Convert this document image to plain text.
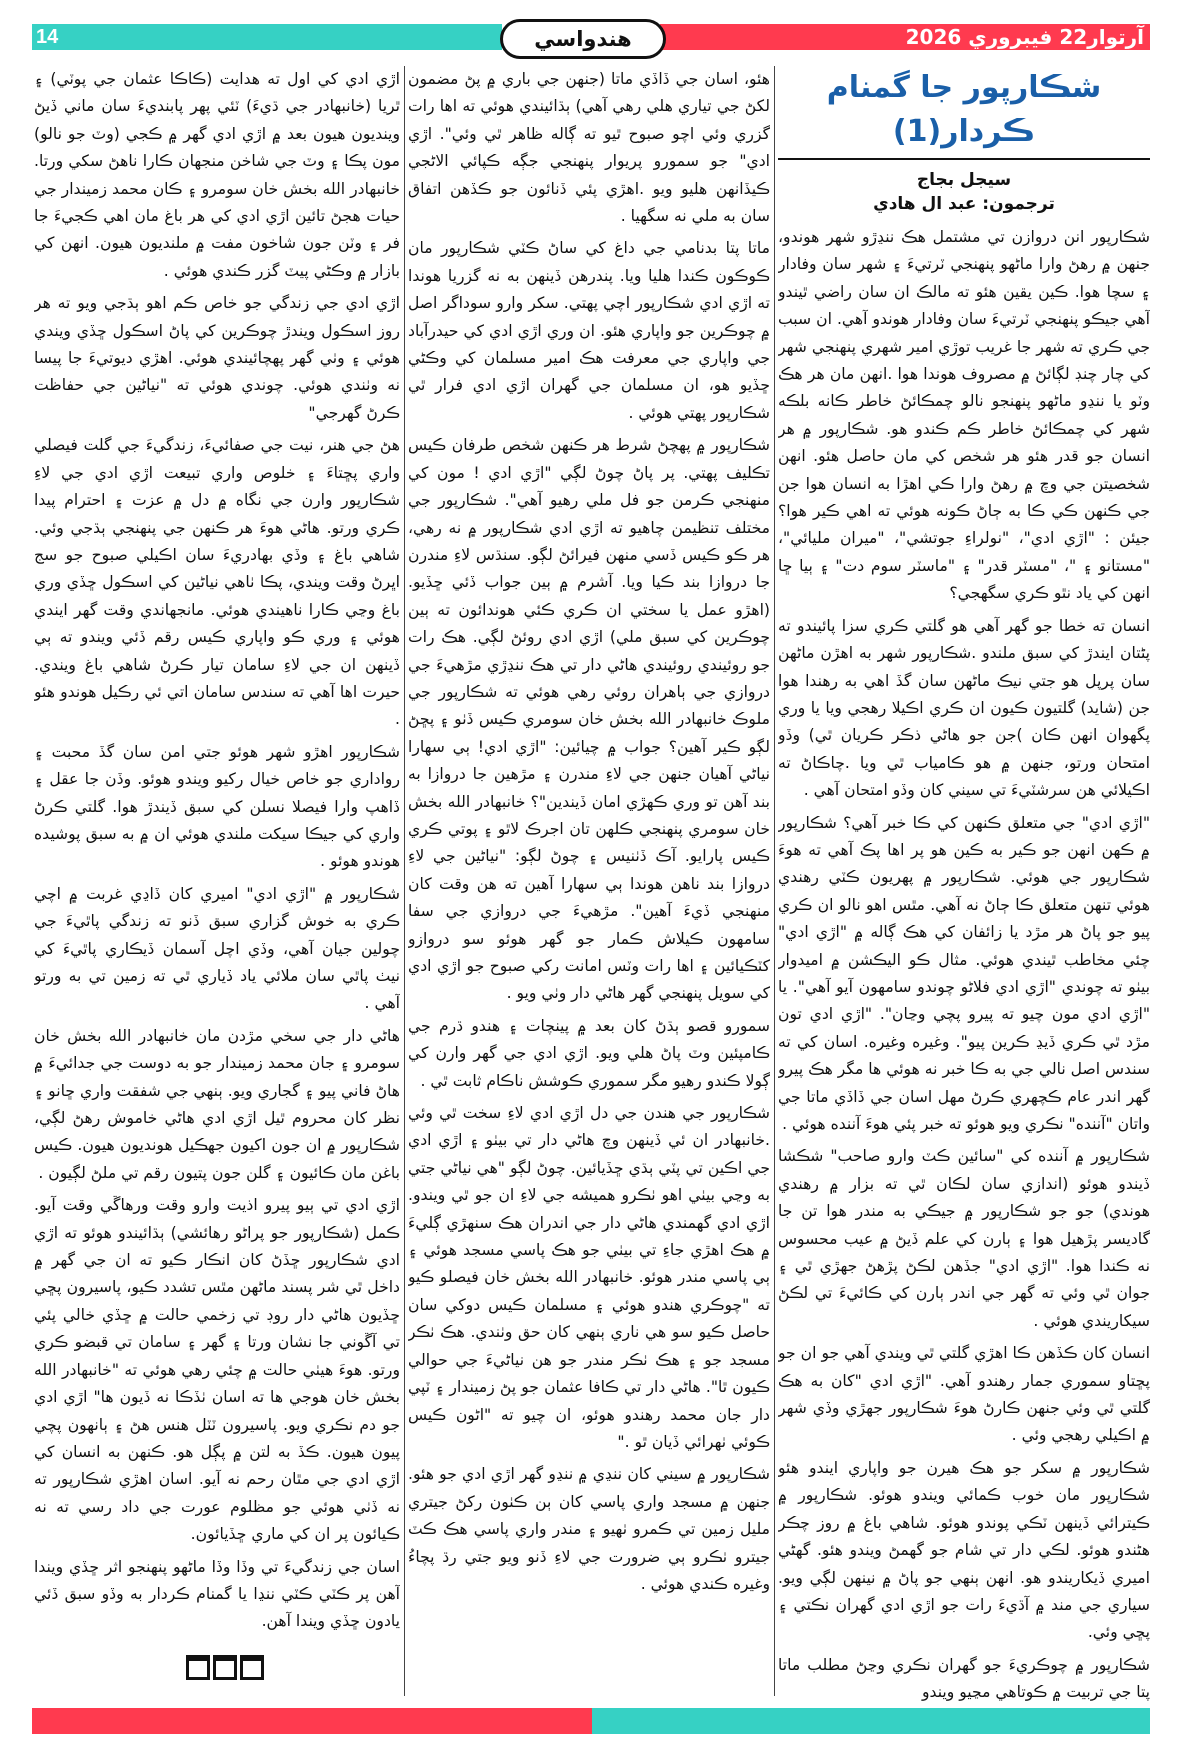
14	هندواسي	آرتوار22 فيبروري 2026
شڪارپور جا گمنام ڪردار(1)
سيجل بجاج
ترجمون: عبد ال هادي

شڪارپور انن دروازن تي مشتمل هڪ ننڍڙو شهر هوندو، جنهن ۾ رهڻ وارا ماڻهو پنهنجي ٽرتيءَ ۽ شهر سان وفادار ۽ سچا هوا. ڪين يقين هئو ته مالڪ ان سان راضي ٿيندو آهي جيڪو پنهنجي ٽرتيءَ سان وفادار هوندو آهي. ان سبب جي ڪري ته شهر جا غريب توڙي امير شهري پنهنجي شهر کي چار چنڊ لڳائڻ ۾ مصروف هوندا هوا .انهن مان هر هڪ وٽو يا ننڍو ماڻهو پنهنجو نالو چمڪائڻ خاطر ڪانه بلڪه شهر کي چمڪائڻ خاطر ڪم ڪندو هو. شڪارپور ۾ هر انسان جو قدر هئو هر شخص کي مان حاصل هئو. انهن شخصيتن جي وچ ۾ رهڻ وارا ڪي اهڙا به انسان هوا جن جي ڪنهن ڪي ڪا به ڄاڻ ڪونه هوئي ته اهي ڪير هوا؟ جيئن : "اڙي ادي"، "نولراءِ جوتشي"، "ميران مليائي"، "مستانو ۽ "، "مسٽر قدر" ۽ "ماسٽر سوم دت" ۽ ٻيا ڇا انهن کي ياد نٿو ڪري سگهجي؟

انسان ته خطا جو گهر آهي هو گلتي ڪري سزا پائيندو ته پڻتان ايندڙ کي سبق ملندو .شڪارپور شهر به اهڙن ماڻهن سان پرپل هو جتي نيڪ ماڻهن سان گڏ اهي به رهندا هوا جن (شايد) گلتيون ڪيون ان ڪري اڪيلا رهجي ويا يا وري پگهوان انهن ڪان )جن جو هاڻي ذڪر ڪريان ٿي) وڏو امتحان ورتو، جنهن ۾ هو ڪامياب ٿي ويا .چاڪاڻ ته اڪيلائي هن سرشٽيءَ تي سيني کان وڏو امتحان آهي .

"اڙي ادي" جي متعلق ڪنهن کي ڪا خبر آهي؟ شڪارپور ۾ ڪهن انهن جو ڪير به ڪين هو پر اها پڪ آهي ته هوءَ شڪارپور جي هوئي. شڪارپور ۾ پهريون ڪٽي رهندي هوئي تنهن متعلق ڪا ڄاڻ نه آهي. مٿس اهو نالو ان ڪري پيو جو پاڻ هر مڙد يا زائفان کي هڪ ڳاله ۾ "اڙي ادي" چئي مخاطب ٿيندي هوئي. مثال ڪو اليڪشن ۾ اميدوار بيٺو ته چوندي "اڙي ادي فلاڻو چوندو سامهون آيو آهي". يا "اڙي ادي مون چيو ته پيرو پچي وڃان". "اڙي ادي تون مڙد ٿي ڪري ڏيڍ ڪرين پيو". وغيره وغيره. اسان کي ته سندس اصل نالي جي به ڪا خبر نه هوئي ها مگر هڪ پيرو گهر اندر عام ڪچهري ڪرڻ مهل اسان جي ڏاڏي ماتا جي واتان "آننده" نڪري ويو هوئو ته خبر پئي هوءَ آننده هوئي .

شڪارپور ۾ آننده کي "سائين ڪٽ وارو صاحب" شڪشا ڏيندو هوئو (اندازي سان لڪان ٿي ته بزار ۾ رهندي هوندي) جو جو شڪارپور ۾ جيڪي به مندر هوا تن جا گاديسر پڙهيل هوا ۽ ٻارن کي علم ڏيڻ ۾ عيب محسوس نه ڪندا هوا. "اڙي ادي" جڏهن لڪڻ پڙهڻ جهڙي ٿي ۽ جوان ٿي وئي ته گهر جي اندر ٻارن کي ڪائيءَ تي لڪڻ سيکاريندي هوئي .

انسان کان ڪڏهن ڪا اهڙي گلتي ٿي ويندي آهي جو ان جو پڇتاو سموري جمار رهندو آهي. "اڙي ادي "کان به هڪ گلتي ٿي وئي جنهن ڪارڻ هوءَ شڪارپور جهڙي وڏي شهر ۾ اڪيلي رهجي وئي .

شڪارپور ۾ سکر جو هڪ هيرن جو واپاري ايندو هئو شڪارپور مان خوب ڪمائي ويندو هوئو. شڪارپور ۾ ڪيترائي ڏينهن ٽڪي پوندو هوئو. شاهي باغ ۾ روز چڪر هڻندو هوئو. لڪي دار تي شام جو گهمڻ ويندو هئو. گهڻي اميري ڏيکاريندو هو. انهن ٻنهي جو پاڻ ۾ نينهن لڳي ويو. سياري جي مند ۾ آڌيءَ رات جو اڙي ادي گهران نڪتي ۽ پڇي وئي.

شڪارپور ۾ چوڪريءَ جو گهران نڪري وڃڻ مطلب ماتا پتا جي تربيت ۾ ڪوتاهي مڃيو ويندو

هئو، اسان جي ڏاڏي ماتا (جنهن جي باري ۾ پڻ مضمون لکڻ جي تياري هلي رهي آهي) ٻڌائيندي هوئي ته اها رات گزري وئي اچو صبوح ٿيو ته ڳاله ظاهر ٿي وئي". اڙي ادي" جو سمورو پريوار پنهنجي جڳه ڪپائي الاڻجي ڪيڏانهن هليو ويو .اهڙي پئي ڏنائون جو ڪڏهن اتفاق سان به ملي نه سگهيا .

ماتا پتا بدنامي جي داغ کي ساڻ ڪٽي شڪارپور مان ڪوڪون ڪندا هليا ويا. پندرهن ڏينهن به نه گزريا هوندا ته اڙي ادي شڪارپور اچي پهتي. سکر وارو سوداگر اصل ۾ چوڪرين جو واپاري هئو. ان وري اڙي ادي کي حيدرآباد جي واپاري جي معرفت هڪ امير مسلمان کي وڪڻي ڇڏيو هو، ان مسلمان جي گهران اڙي ادي فرار ٿي شڪارپور پهتي هوئي .

شڪارپور ۾ پهچڻ شرط هر ڪنهن شخص طرفان ڪيس تڪليف پهتي. پر پاڻ چوڻ لڳي "اڙي ادي ! مون کي منهنجي ڪرمن جو فل ملي رهيو آهي". شڪارپور جي مختلف تنظيمن چاهيو ته اڙي ادي شڪارپور ۾ نه رهي، هر ڪو ڪيس ڏسي منهن فيرائڻ لڳو. سنڌس لاءِ مندرن جا دروازا بند ڪيا ويا. آشرم ۾ ٻين جواب ڏئي ڇڏيو. (اهڙو عمل يا سختي ان ڪري ڪئي هوندائون ته ٻين چوڪرين کي سبق ملي) اڙي ادي روئڻ لڳي. هڪ رات جو روئيندي روئيندي هاڻي دار تي هڪ ننڍڙي مڙهيءَ جي دروازي جي ٻاهران روئي رهي هوئي ته شڪارپور جي ملوڪ خانبهادر الله بخش خان سومري ڪيس ڏٺو ۽ پڇڻ لڳو ڪير آهين؟ جواب ۾ چيائين: "اڙي ادي! ٻي سهارا نياڻي آهيان جنهن جي لاءِ مندرن ۽ مڙهين جا دروازا به بند آهن تو وري ڪهڙي امان ڏيندين"؟ خانبهادر الله بخش خان سومري پنهنجي ڪلهن تان اجرڪ لاٿو ۽ پوتي ڪري ڪيس پارايو. آڪ ڏٺنيس ۽ چوڻ لڳو: "نياڻين جي لاءِ دروازا بند ناهن هوندا ٻي سهارا آهين ته هن وقت کان منهنجي ڏيءَ آهين". مڙهيءَ جي دروازي جي سفا سامهون ڪيلاش ڪمار جو گهر هوئو سو دروازو کٽڪيائين ۽ اها رات وٽس امانت رکي صبوح جو اڙي ادي کي سويل پنهنجي گهر هاڻي دار وٺي ويو .

سمورو قصو ٻڌڻ کان بعد ۾ پينچات ۽ هندو ڌرم جي ڪامپئين وٽ پاڻ هلي ويو. اڙي ادي جي گهر وارن کي ڳولا ڪندو رهيو مگر سموري ڪوشش ناڪام ثابت ٿي .

شڪارپور جي هندن جي دل اڙي ادي لاءِ سخت ٿي وئي .خانبهادر ان ئي ڏينهن وچ هاڻي دار تي بيٺو ۽ اڙي ادي جي اڪين تي پٽي ٻڌي ڇڏيائين. چوڻ لڳو "هي نياڻي جتي به وڃي بيٺي اهو ٺڪرو هميشه جي لاءِ ان جو ٿي ويندو. اڙي ادي گهمندي هاڻي دار جي اندران هڪ سنهڙي ڳليءَ ۾ هڪ اهڙي جاءِ تي بيٺي جو هڪ پاسي مسجد هوئي ۽ ٻي پاسي مندر هوئو. خانبهادر الله بخش خان فيصلو ڪيو ته "چوڪري هندو هوئي ۽ مسلمان ڪيس دوکي سان حاصل ڪيو سو هي ناري ٻنهي کان حق وٺندي. هڪ ٺڪر مسجد جو ۽ هڪ ٺڪر مندر جو هن نياڻيءَ جي حوالي ڪيون ٿا". هاڻي دار تي ڪافا عثمان جو پڻ زميندار ۽ ٽپي دار جان محمد رهندو هوئو، ان چيو ته "اڻون ڪيس ڪوئي ٺهرائي ڏيان ٿو ."

شڪارپور ۾ سيني کان ننڍي ۾ ننڍو گهر اڙي ادي جو هئو. جنهن ۾ مسجد واري پاسي کان ٻن ڪٺون رکڻ جيتري مليل زمين تي ڪمرو ٺهيو ۽ مندر واري پاسي هڪ ڪٽ جيترو ٺڪرو ٻي ضرورت جي لاءِ ڏنو ويو جتي رڌ پچاءُ وغيره ڪندي هوئي .

اڙي ادي کي اول ته هدايت (ڪاڪا عثمان جي پوٽي) ۽ ٿريا (خانبهادر جي ڌيءَ) ٽئي پهر پابنديءَ سان ماني ڏيڻ وينديون هيون بعد ۾ اڙي ادي گهر ۾ ڪجي (وٽ جو نالو) مون پڪا ۽ وٽ جي شاخن منجهان ڪارا ناهڻ سکي ورتا. خانبهادر الله بخش خان سومرو ۽ ڪان محمد زميندار جي حيات هجڻ تائين اڙي ادي کي هر باغ مان اهي ڪجيءَ جا فر ۽ وٽن جون شاخون مفت ۾ ملنديون هيون. انهن کي بازار ۾ وڪڻي پيٽ گزر ڪندي هوئي .

اڙي ادي جي زندگي جو خاص ڪم اهو ٻڌجي ويو ته هر روز اسڪول ويندڙ چوڪرين کي پاڻ اسڪول ڇڏي ويندي هوئي ۽ وٺي گهر پهچائيندي هوئي. اهڙي ديوتيءَ جا پيسا نه وٺندي هوئي. چوندي هوئي ته "نياڻين جي حفاظت ڪرڻ گهرجي"

هڻ جي هنر، نيت جي صفائيءَ، زندگيءَ جي گلت فيصلي واري پڇتاءَ ۽ خلوص واري تبيعت اڙي ادي جي لاءِ شڪارپور وارن جي نگاه ۾ دل ۾ عزت ۽ احترام پيدا ڪري ورتو. هاڻي هوءَ هر ڪنهن جي پنهنجي ٻڌجي وئي. شاهي باغ ۽ وڏي بهادريءَ سان اڪيلي صبوح جو سج اڀرڻ وقت ويندي، پڪا ٺاهي نياڻين کي اسڪول ڇڏي وري باغ وڃي ڪارا ناهيندي هوئي. مانجهاندي وقت گهر ايندي هوئي ۽ وري ڪو واپاري ڪيس رقم ڏئي ويندو ته ٻي ڏينهن ان جي لاءِ سامان تيار ڪرڻ شاهي باغ ويندي. حيرت اها آهي ته سندس سامان اتي ئي رڪيل هوندو هئو .

شڪارپور اهڙو شهر هوئو جتي امن سان گڏ محبت ۽ رواداري جو خاص خيال رکيو ويندو هوئو. وڏن جا عقل ۽ ڏاهپ وارا فيصلا نسلن کي سبق ڏيندڙ هوا. گلتي ڪرڻ واري کي جيڪا سيکت ملندي هوئي ان ۾ به سبق پوشيده هوندو هوئو .

شڪارپور ۾ "اڙي ادي" اميري کان ڏاڍي غربت ۾ اچي ڪري به خوش گزاري سبق ڏنو ته زندگي پاٿيءَ جي چولين جيان آهي، وڏي اچل آسمان ڏيڪاري پاٿيءَ کي نيٺ پاٿي سان ملائي ياد ڏياري ٿي ته زمين تي به ورتو آهي .

هاڻي دار جي سخي مڙدن مان خانبهادر الله بخش خان سومرو ۽ جان محمد زميندار جو به دوست جي جدائيءَ ۾ هاڻ فاني پيو ۽ گجاري ويو. ٻنهي جي شفقت واري ڇانو ۽ نظر کان محروم ٿيل اڙي ادي هاڻي خاموش رهڻ لڳي، شڪارپور ۾ ان جون اکيون جهڪيل هونديون هيون. ڪيس باغن مان ڪائيون ۽ گلن جون پتيون رقم تي ملڻ لڳيون .

اڙي ادي تي ٻيو پيرو اذيت وارو وقت ورهاڱي وقت آيو. ڪمل (شڪارپور جو پراڻو رهائشي) ٻڌائيندو هوئو ته اڙي ادي شڪارپور ڇڏڻ کان انڪار ڪيو ته ان جي گهر ۾ داخل ٿي شر پسند ماڻهن مٿس تشدد ڪيو، پاسيرون پڇي ڇڏيون هاڻي دار روڊ تي زخمي حالت ۾ ڇڏي خالي پئي تي آڱوني جا نشان ورتا ۽ گهر ۽ سامان تي قبضو ڪري ورتو. هوءَ هيٺي حالت ۾ چئي رهي هوئي ته "خانبهادر الله بخش خان هوجي ها ته اسان ٺڏڪا نه ڏيون ها" اڙي ادي جو دم نڪري ويو. پاسيرون ٽٽل هنس هڻ ۽ ٻانهون پچي پيون هيون. ڪڏ به لتن ۾ پڳل هو. ڪنهن به انسان کي اڙي ادي جي مٿان رحم نه آيو. اسان اهڙي شڪارپور ته نه ڏٺي هوئي جو مظلوم عورت جي داد رسي ته نه ڪيائون پر ان کي ماري ڇڏيائون.

اسان جي زندگيءَ تي وڏا وڏا ماڻهو پنهنجو اثر ڇڏي ويندا آهن پر ڪٽي ڪٽي ننڍا يا گمنام ڪردار به وڏو سبق ڏئي يادون ڇڏي ويندا آهن.
